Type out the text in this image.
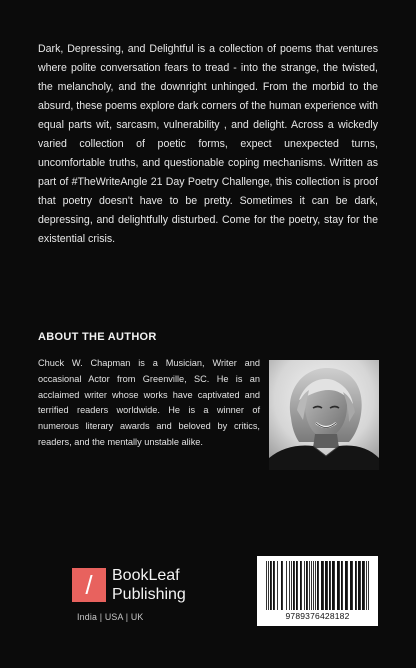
Dark, Depressing, and Delightful is a collection of poems that ventures where polite conversation fears to tread - into the strange, the twisted, the melancholy, and the downright unhinged. From the morbid to the absurd, these poems explore dark corners of the human experience with equal parts wit, sarcasm, vulnerability , and delight. Across a wickedly varied collection of poetic forms, expect unexpected turns, uncomfortable truths, and questionable coping mechanisms. Written as part of #TheWriteAngle 21 Day Poetry Challenge, this collection is proof that poetry doesn't have to be pretty. Sometimes it can be dark, depressing, and delightfully disturbed. Come for the poetry, stay for the existential crisis.

ABOUT THE AUTHOR

Chuck W. Chapman is a Musician, Writer and occasional Actor from Greenville, SC. He is an acclaimed writer whose works have captivated and terrified readers worldwide. He is a winner of numerous literary awards and beloved by critics, readers, and the mentally unstable alike.

/	BookLeaf
Publishing
India | USA | UK	9789376428182
